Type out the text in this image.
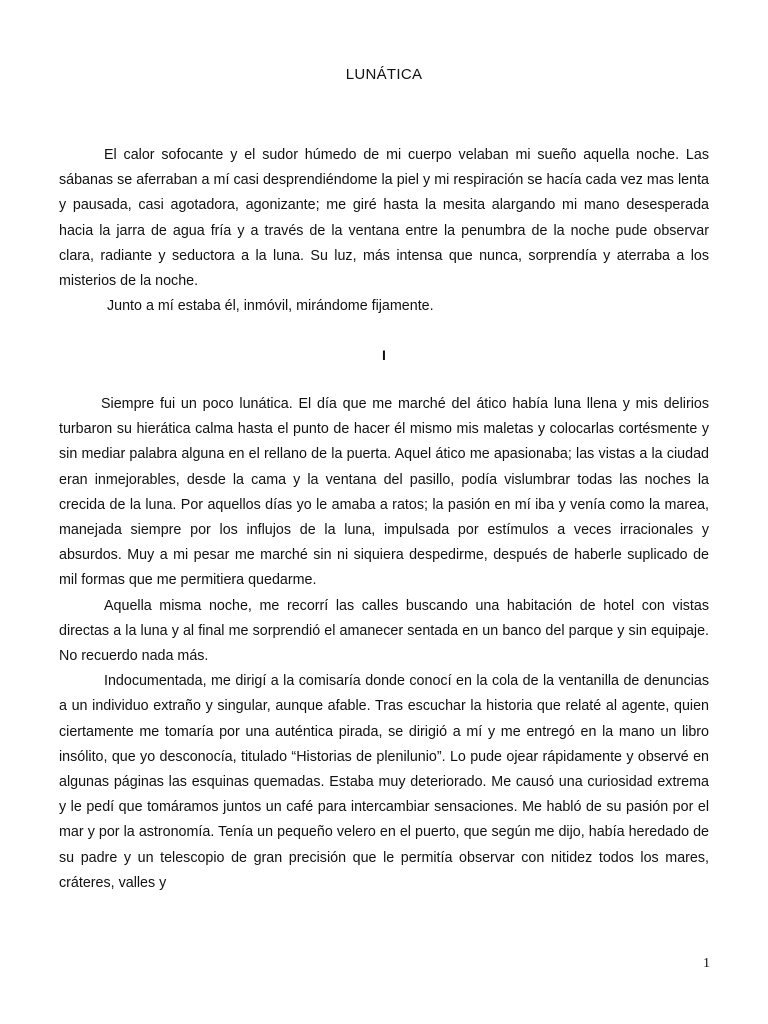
LUNÁTICA

El calor sofocante y el sudor húmedo de mi cuerpo velaban mi sueño aquella noche. Las sábanas se aferraban a mí casi desprendiéndome la piel y mi respiración se hacía cada vez mas lenta y pausada, casi agotadora, agonizante; me giré hasta la mesita alargando mi mano desesperada hacia la jarra de agua fría y a través de la ventana entre la penumbra de la noche pude observar clara, radiante y seductora a la luna. Su luz, más intensa que nunca, sorprendía y aterraba a los misterios de la noche.

Junto a mí estaba él, inmóvil, mirándome fijamente.

I

Siempre fui un poco lunática. El día que me marché del ático había luna llena y mis delirios turbaron su hierática calma hasta el punto de hacer él mismo mis maletas y colocarlas cortésmente y sin mediar palabra alguna en el rellano de la puerta. Aquel ático me apasionaba; las vistas a la ciudad eran inmejorables, desde la cama y la ventana del pasillo, podía vislumbrar todas las noches la crecida de la luna. Por aquellos días yo le amaba a ratos; la pasión en mí iba y venía como la marea, manejada siempre por los influjos de la luna, impulsada por estímulos a veces irracionales y absurdos. Muy a mi pesar me marché sin ni siquiera despedirme, después de haberle suplicado de mil formas que me permitiera quedarme.

Aquella misma noche, me recorrí las calles buscando una habitación de hotel con vistas directas a la luna y al final me sorprendió el amanecer sentada en un banco del parque y sin equipaje. No recuerdo nada más.

Indocumentada, me dirigí a la comisaría donde conocí en la cola de la ventanilla de denuncias a un individuo extraño y singular, aunque afable. Tras escuchar la historia que relaté al agente, quien ciertamente me tomaría por una auténtica pirada, se dirigió a mí y me entregó en la mano un libro insólito, que yo desconocía, titulado “Historias de plenilunio”. Lo pude ojear rápidamente y observé en algunas páginas las esquinas quemadas. Estaba muy deteriorado. Me causó una curiosidad extrema y le pedí que tomáramos juntos un café para intercambiar sensaciones. Me habló de su pasión por el mar y por la astronomía. Tenía un pequeño velero en el puerto, que según me dijo, había heredado de su padre y un telescopio de gran precisión que le permitía observar con nitidez todos los mares, cráteres, valles y

1
